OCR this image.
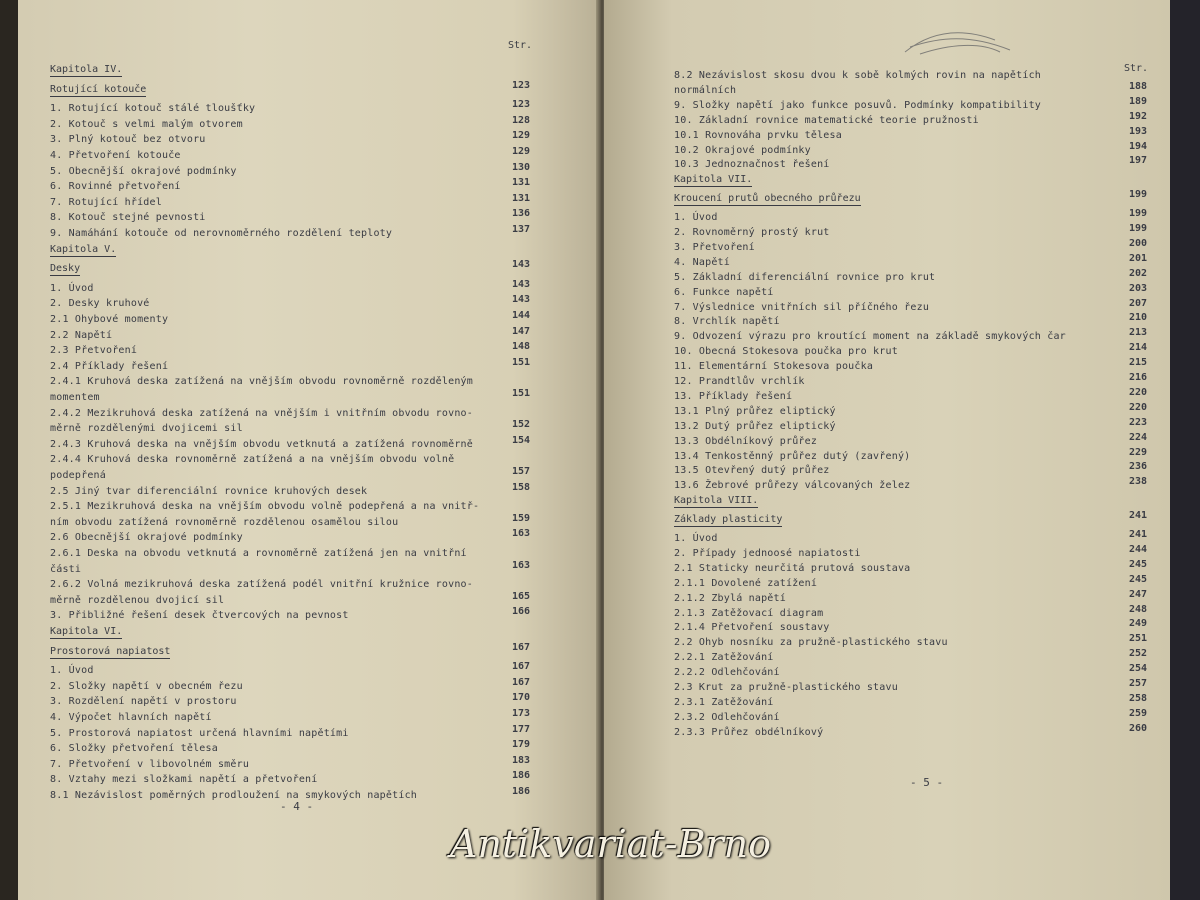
Str.
Kapitola IV.
Rotující kotouče	123
1. Rotující kotouč stálé tloušťky	123
2. Kotouč s velmi malým otvorem	128
3. Plný kotouč bez otvoru	129
4. Přetvoření kotouče	129
5. Obecnější okrajové podmínky	130
6. Rovinné přetvoření	131
7. Rotující hřídel	131
8. Kotouč stejné pevnosti	136
9. Namáhání kotouče od nerovnoměrného rozdělení teploty	137
Kapitola V.
Desky	143
1. Úvod	143
2. Desky kruhové	143
2.1 Ohybové momenty	144
2.2 Napětí	147
2.3 Přetvoření	148
2.4 Příklady řešení	151
2.4.1 Kruhová deska zatížená na vnějším obvodu rovnoměrně rozděleným
momentem	151
2.4.2 Mezikruhová deska zatížená na vnějším i vnitřním obvodu rovno-
měrně rozdělenými dvojicemi sil	152
2.4.3 Kruhová deska na vnějším obvodu vetknutá a zatížená rovnoměrně	154
2.4.4 Kruhová deska rovnoměrně zatížená a na vnějším obvodu volně
podepřená	157
2.5 Jiný tvar diferenciální rovnice kruhových desek	158
2.5.1 Mezikruhová deska na vnějším obvodu volně podepřená a na vnitř-
ním obvodu zatížená rovnoměrně rozdělenou osamělou silou	159
2.6 Obecnější okrajové podmínky	163
2.6.1 Deska na obvodu vetknutá a rovnoměrně zatížená jen na vnitřní
části	163
2.6.2 Volná mezikruhová deska zatížená podél vnitřní kružnice rovno-
měrně rozdělenou dvojicí sil	165
3. Přibližné řešení desek čtvercových na pevnost	166
Kapitola VI.
Prostorová napiatost	167
1. Úvod	167
2. Složky napětí v obecném řezu	167
3. Rozdělení napětí v prostoru	170
4. Výpočet hlavních napětí	173
5. Prostorová napiatost určená hlavními napětími	177
6. Složky přetvoření tělesa	179
7. Přetvoření v libovolném směru	183
8. Vztahy mezi složkami napětí a přetvoření	186
8.1 Nezávislost poměrných prodloužení na smykových napětích	186
- 4 -
Str.
8.2 Nezávislost skosu dvou k sobě kolmých rovin na napětích
normálních	188
9. Složky napětí jako funkce posuvů. Podmínky kompatibility	189
10. Základní rovnice matematické teorie pružnosti	192
10.1 Rovnováha prvku tělesa	193
10.2 Okrajové podmínky	194
10.3 Jednoznačnost řešení	197
Kapitola VII.
Kroucení prutů obecného průřezu	199
1. Úvod	199
2. Rovnoměrný prostý krut	199
3. Přetvoření	200
4. Napětí	201
5. Základní diferenciální rovnice pro krut	202
6. Funkce napětí	203
7. Výslednice vnitřních sil příčného řezu	207
8. Vrchlík napětí	210
9. Odvození výrazu pro kroutící moment na základě smykových čar	213
10. Obecná Stokesova poučka pro krut	214
11. Elementární Stokesova poučka	215
12. Prandtlův vrchlík	216
13. Příklady řešení	220
13.1 Plný průřez eliptický	220
13.2 Dutý průřez eliptický	223
13.3 Obdélníkový průřez	224
13.4 Tenkostěnný průřez dutý (zavřený)	229
13.5 Otevřený dutý průřez	236
13.6 Žebrové průřezy válcovaných želez	238
Kapitola VIII.
Základy plasticity	241
1. Úvod	241
2. Případy jednoosé napiatosti	244
2.1 Staticky neurčitá prutová soustava	245
2.1.1 Dovolené zatížení	245
2.1.2 Zbylá napětí	247
2.1.3 Zatěžovací diagram	248
2.1.4 Přetvoření soustavy	249
2.2 Ohyb nosníku za pružně-plastického stavu	251
2.2.1 Zatěžování	252
2.2.2 Odlehčování	254
2.3 Krut za pružně-plastického stavu	257
2.3.1 Zatěžování	258
2.3.2 Odlehčování	259
2.3.3 Průřez obdélníkový	260
- 5 -
Antikvariat-Brno
